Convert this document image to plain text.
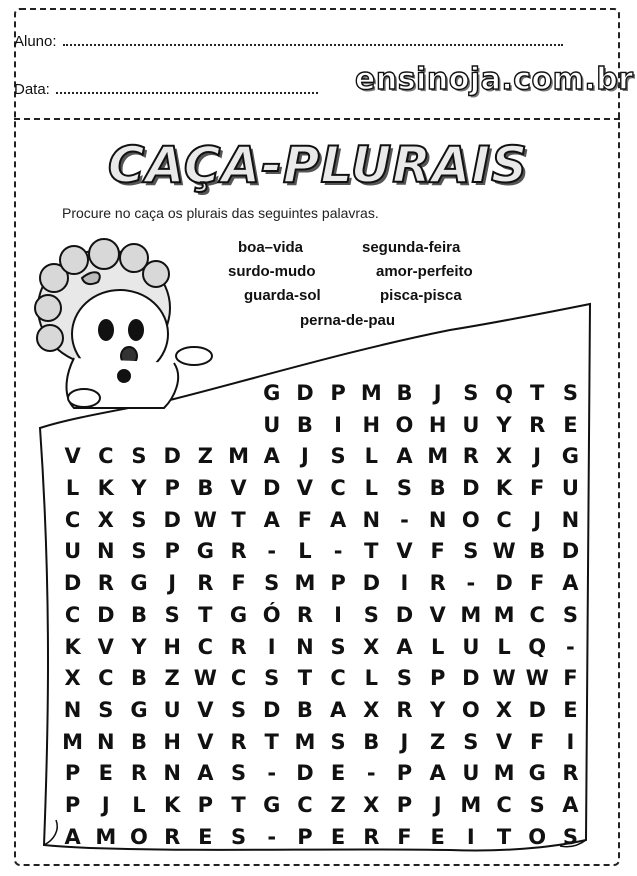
Aluno:
Data:	ensinoja.com.br
CAÇA-PLURAIS
Procure no caça os plurais das seguintes palavras.
boa–vida	segunda-feira
surdo-mudo	amor-perfeito
guarda-sol	pisca-pisca
perna-de-pau
G D P M B	J	S Q T S
U B	I H O H U Y R E
V C S D Z M A	J	S L A M R X	J G
L K Y P B V D V C L S B D K F U
C X S D W T A F A N - N O C	J N
U N S P G R -	L	-	T V F S W B D
D R G J	R F S M P D I	R - D F A
C D B S T G Ó R	I	S D V M M C S
K V Y H C R	I N S X A L U L Q -
X C B Z W C S T C L S P D W W F
N S G U V S D B A X R Y O X D E
M N B H V R T M S B	J	Z S V F	I
P E R N A S	- D E	-	P A U M G R
P	J	L K P T G C Z X P	J M C S A
A M O R E S	-	P E R F E	I	T O S
